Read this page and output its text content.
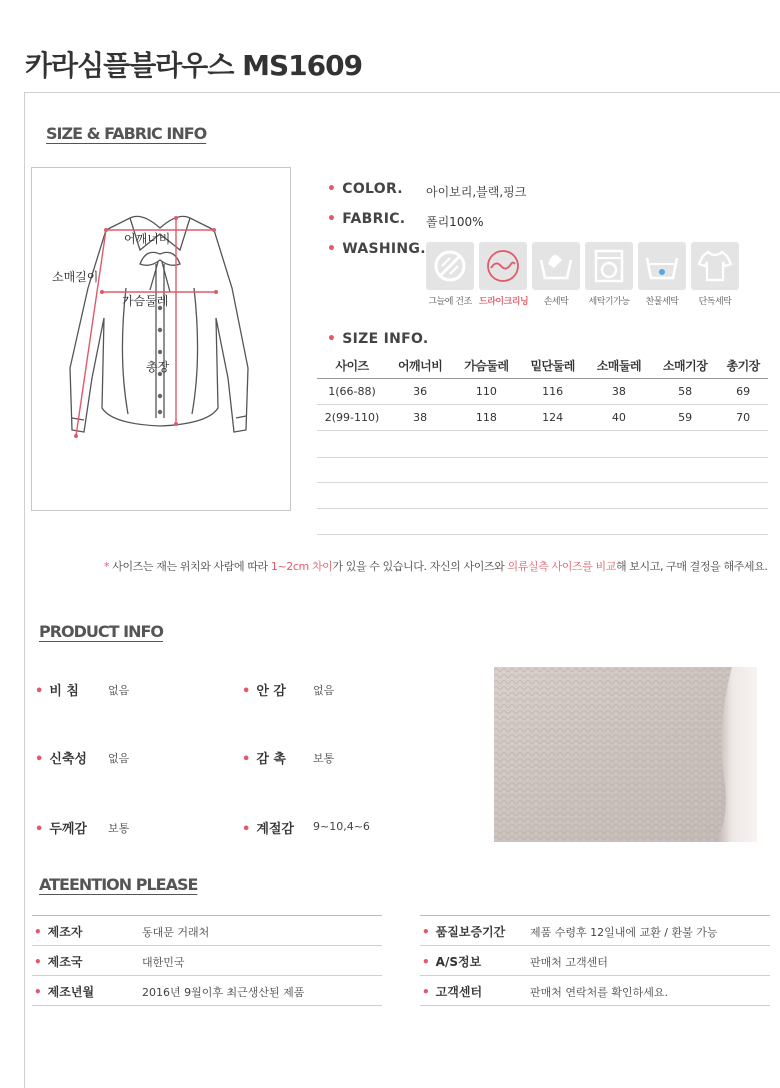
카라심플블라우스 MS1609
SIZE & FABRIC INFO
어깨너비
소매길이
가슴둘레
총장
• COLOR. 아이보리,블랙,핑크
• FABRIC. 폴리100%
• WASHING.
그늘에 건조 드라이크리닝	손세탁	세탁기가능	찬물세탁	단독세탁
• SIZE INFO.
사이즈	어깨너비	가슴둘레	밑단둘레	소매둘레	소매기장	총기장
1(66-88)	36	110	116	38	58	69
2(99-110)	38	118	124	40	59	70
* 사이즈는 재는 위치와 사람에 따라 1~2cm 차이가 있을 수 있습니다. 자신의 사이즈와 의류실측 사이즈를 비교해 보시고, 구매 결정을 해주세요.
PRODUCT INFO
• 비 침	없음	• 안 감 없음
• 신축성 없음	• 감 촉 보통
• 두께감 보통	• 계절감 9~10,4~6
ATEENTION PLEASE
• 제조자	동대문 거래처
• 제조국	대한민국
• 제조년월	2016년 9월이후 최근생산된 제품
• 품질보증기간 제품 수령후 12일내에 교환 / 환불 가능
• A/S정보	판매처 고객센터
• 고객센터	판매처 연락처를 확인하세요.
